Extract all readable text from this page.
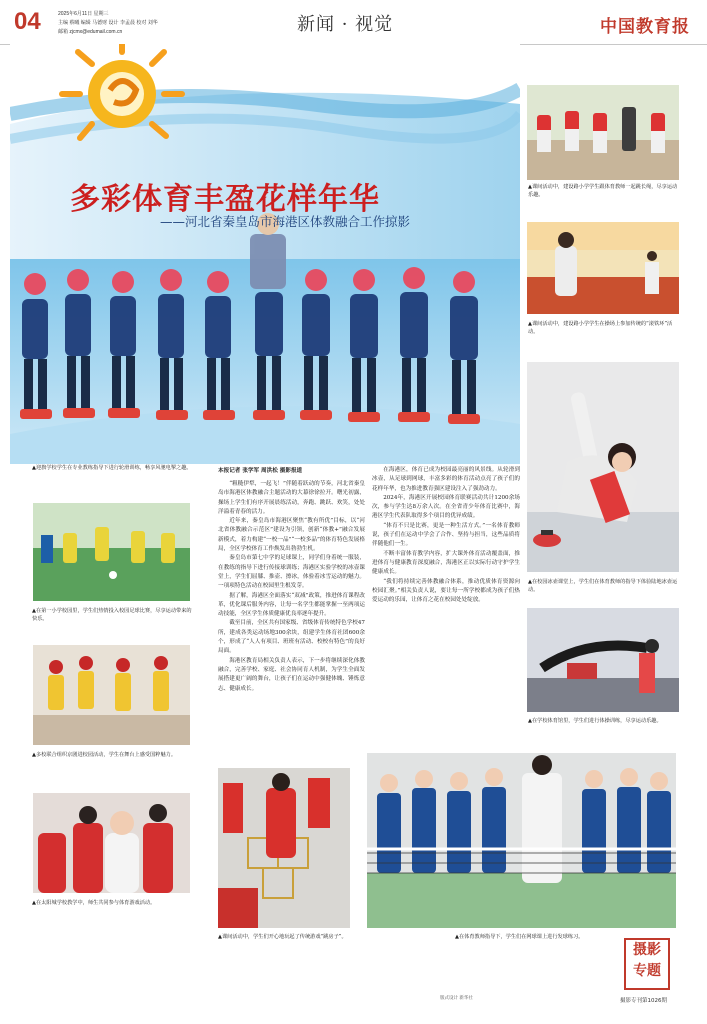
04	2025年6月11日 星期三
主编 蔡曦 编辑 马德财 设计 李孟晨 校对 刘华
邮箱 zjcmx@edumail.com.cn	新闻 · 视觉	中国教育报
多彩体育丰盈花样年华
——河北省秦皇岛市海港区体教融合工作掠影
▲课间活动中，建设路小学学生跟体育教师一起跳长绳，尽享运动乐趣。
▲课间活动中，建设路小学学生在操场上参加传统的“滚铁环”活动。
▲在校园冰壶课堂上，学生们在体育教师的指导下体验陆地冰壶运动。
▲在学校体育馆里，学生们进行体操训练，尽享运动乐趣。
▲迎旗学校学生在专业教练指导下进行轮滑训练，畅享风驰电掣之趣。
▲在第一小学校园里，学生们热情投入校园足球比赛，尽享运动带来的快乐。
▲多校联合组织京剧进校园活动，学生在舞台上感受国粹魅力。
▲在太阳城学校教学中，师生共同参与体育游戏活动。
本报记者 张学军 周洪松 摄影报道

“粗糙伊犁，一起飞！”伴随着跃动的节奏，河北省秦皇岛市海港区体教融合主题活动的大幕徐徐拉开。曙光初露，操场上学生们有序开展晨练活动，奔跑、跳跃、欢笑，处处洋溢着青春的活力。

近年来，秦皇岛市海港区聚焦“教有所优”目标，以“河北省体教融合示范区”建设为引领，创新“体教+”融合发展新模式，着力构建“一校一品”“一校多品”的体育特色发展格局，全区学校体育工作焕发出勃勃生机。

秦皇岛市第七中学的足球课上，同学们身着统一服装，在教练的指导下进行传接球训练；海港区实验学校的冰壶课堂上，学生们屈膝、推壶、擦冰，体验着冰雪运动的魅力。一项项特色活动在校园里生根发芽。

据了解，海港区全面落实“双减”政策，推进体育课程改革，优化课后服务内容，让每一名学生都能掌握一至两项运动技能，全区学生体质健康优良率逐年提升。

截至目前，全区共有国家级、省级体育传统特色学校47所，建成各类运动场地300余块，组建学生体育社团600余个，形成了“人人有项目、班班有活动、校校有特色”的良好局面。

海港区教育局相关负责人表示，下一步将继续深化体教融合，完善学校、家庭、社会协同育人机制，为学生全面发展搭建更广阔的舞台，让孩子们在运动中强健体魄、锤炼意志、健康成长。

在海港区，体育已成为校园最亮丽的风景线。从轮滑到冰壶，从足球到网球，丰富多彩的体育活动点亮了孩子们的花样年华，也为推进教育强区建设注入了强劲动力。

2024年，海港区开展校园体育联赛活动共计1200余场次，参与学生达8万余人次。在全省青少年体育比赛中，海港区学生代表队取得多个项目的优异成绩。

“体育不只是比赛，更是一种生活方式。”一名体育教师说，孩子们在运动中学会了合作、坚持与担当，这些品质将伴随他们一生。

不断丰富体育教学内容，扩大课外体育活动覆盖面，推进体育与健康教育深度融合，海港区正以实际行动守护学生健康成长。

“我们将持续完善体教融合体系，推动优质体育资源向校园汇聚。”相关负责人说，要让每一所学校都成为孩子们热爱运动的乐园，让体育之花在校园处处绽放。

▲课间活动中，学生们开心地玩起了传统游戏“跳房子”。	▲在体育教师指导下，学生们在网球课上进行发球练习。
摄影
专题
摄影专刊第1026期
版式设计 新华社
